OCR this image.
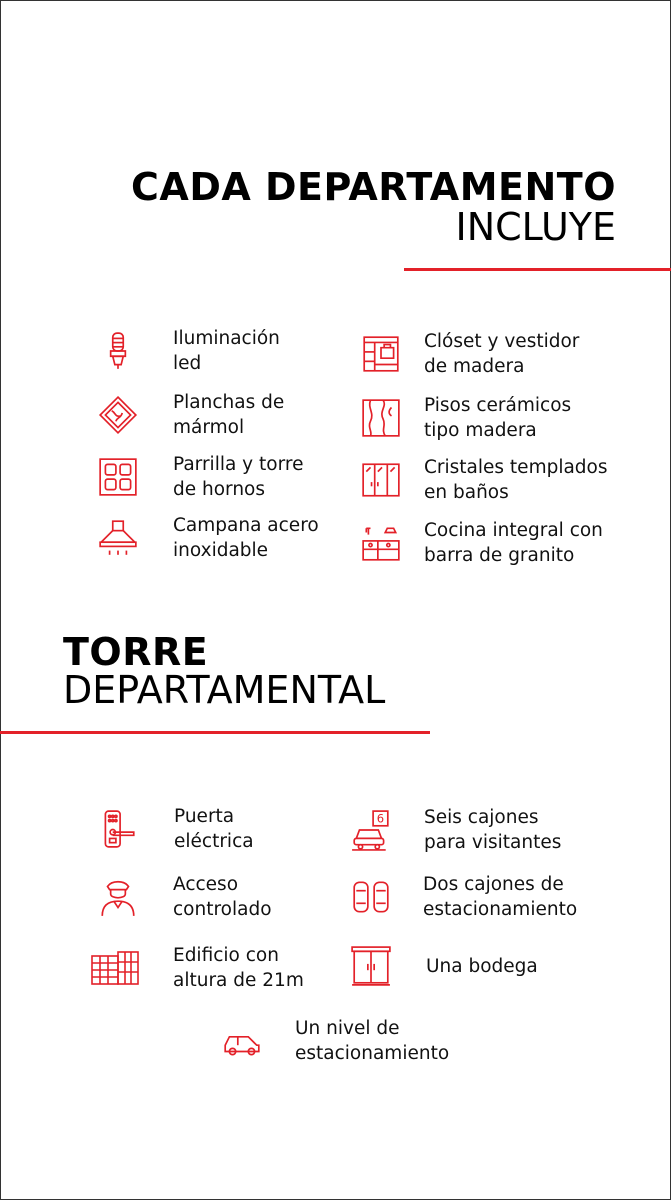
CADA DEPARTAMENTO
INCLUYE
Iluminación
led
Planchas de
mármol
Parrilla y torre
de hornos
Campana acero
inoxidable
Clóset y vestidor
de madera
Pisos cerámicos
tipo madera
Cristales templados
en baños
Cocina integral con
barra de granito
TORRE
DEPARTAMENTAL
Puerta
eléctrica
Acceso
controlado
Edificio con
altura de 21m
6 Seis cajones
para visitantes
Dos cajones de
estacionamiento
Una bodega
Un nivel de
estacionamiento
